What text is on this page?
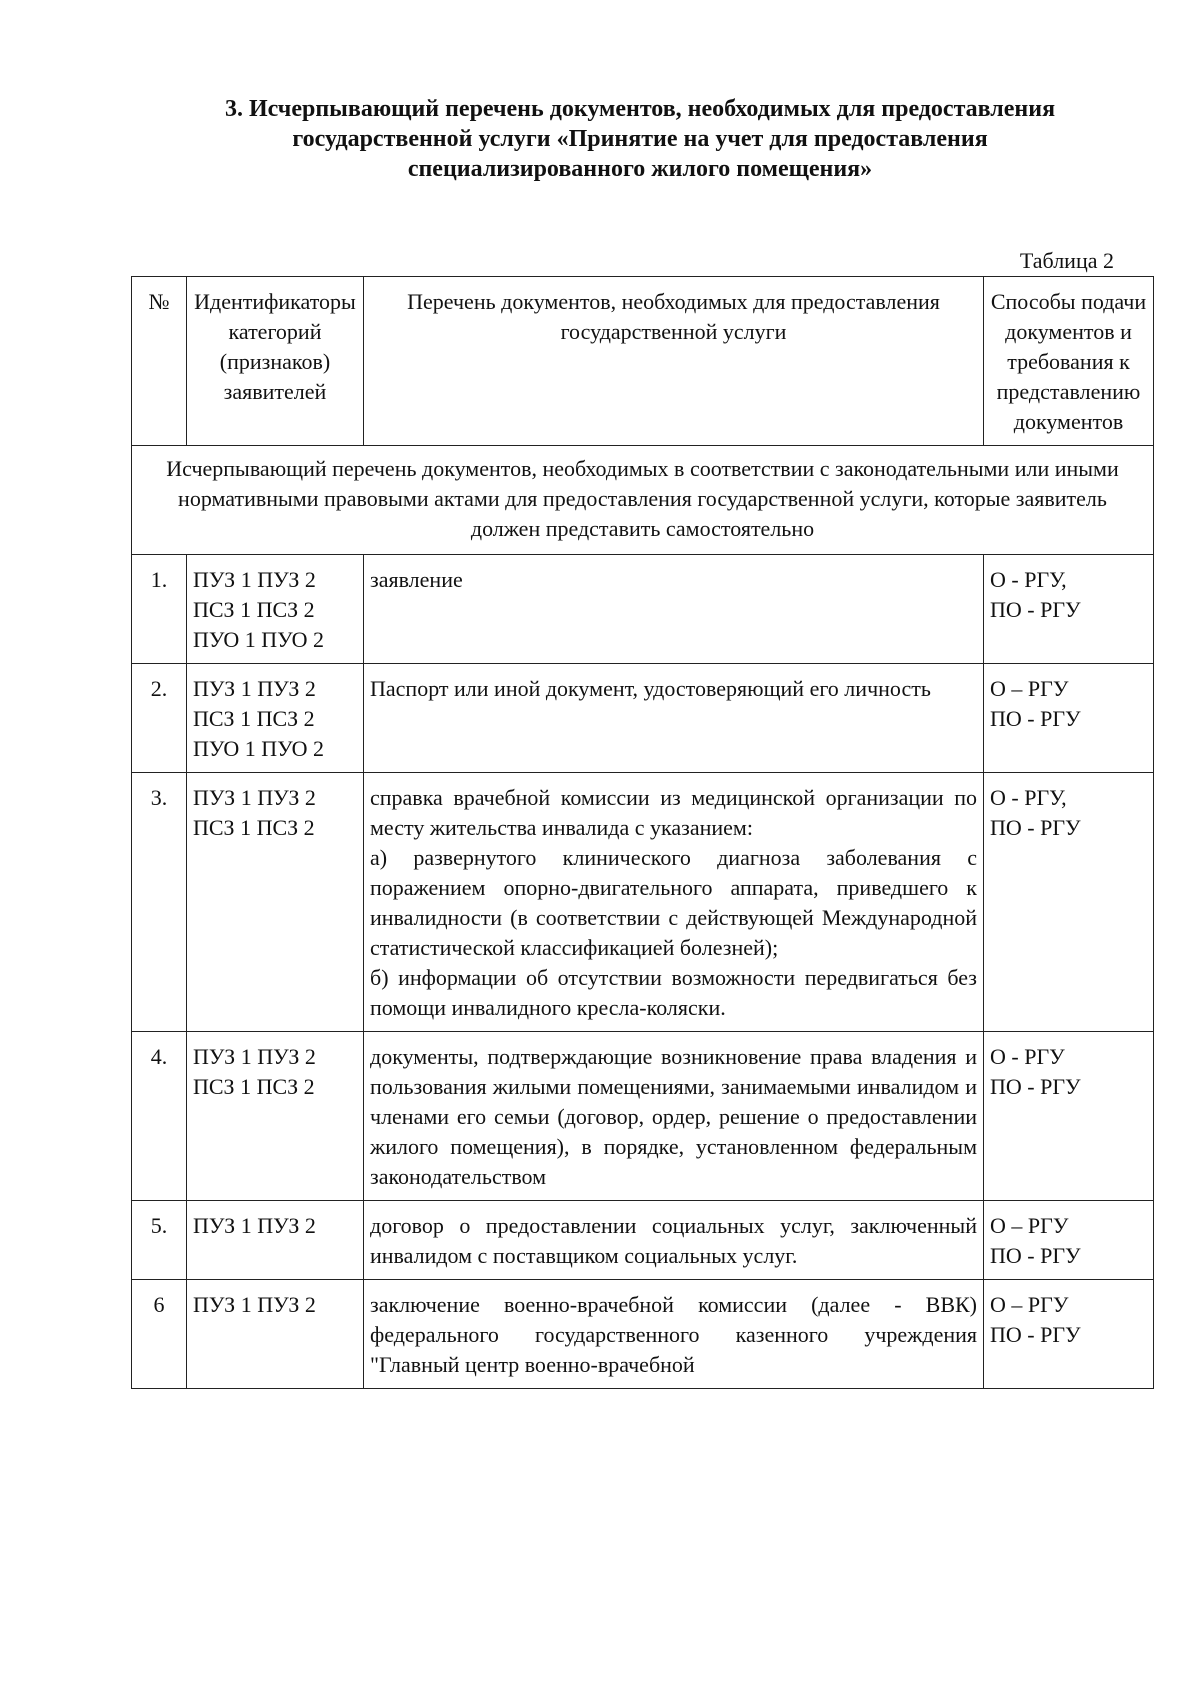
3. Исчерпывающий перечень документов, необходимых для предоставления
государственной услуги «Принятие на учет для предоставления
специализированного жилого помещения»
Таблица 2
№	Идентификаторы категорий (признаков) заявителей	Перечень документов, необходимых для предоставления государственной услуги	Способы подачи документов и требования к представлению документов

Исчерпывающий перечень документов, необходимых в соответствии с законодательными или иными нормативными правовыми актами для предоставления государственной услуги, которые заявитель должен представить самостоятельно			

1.	ПУЗ 1 ПУЗ 2
ПСЗ 1 ПСЗ 2
ПУО 1 ПУО 2	заявление	О - РГУ,
ПО - РГУ

2.	ПУЗ 1 ПУЗ 2
ПСЗ 1 ПСЗ 2
ПУО 1 ПУО 2	Паспорт или иной документ, удостоверяющий его личность	О – РГУ
ПО - РГУ

3.	ПУЗ 1 ПУЗ 2
ПСЗ 1 ПСЗ 2	справка врачебной комиссии из медицинской организации по месту жительства инвалида с указанием:
а) развернутого клинического диагноза заболевания с поражением опорно-двигательного аппарата, приведшего к инвалидности (в соответствии с действующей Международной статистической классификацией болезней);
б) информации об отсутствии возможности передвигаться без помощи инвалидного кресла-коляски.	О - РГУ,
ПО - РГУ

4.	ПУЗ 1 ПУЗ 2
ПСЗ 1 ПСЗ 2	документы, подтверждающие возникновение права владения и пользования жилыми помещениями, занимаемыми инвалидом и членами его семьи (договор, ордер, решение о предоставлении жилого помещения), в порядке, установленном федеральным законодательством	О - РГУ
ПО - РГУ

5.	ПУЗ 1 ПУЗ 2	договор о предоставлении социальных услуг, заключенный инвалидом с поставщиком социальных услуг.	О – РГУ
ПО - РГУ

6	ПУЗ 1 ПУЗ 2	заключение военно-врачебной комиссии (далее - ВВК) федерального государственного казенного учреждения "Главный центр военно-врачебной	О – РГУ
ПО - РГУ
